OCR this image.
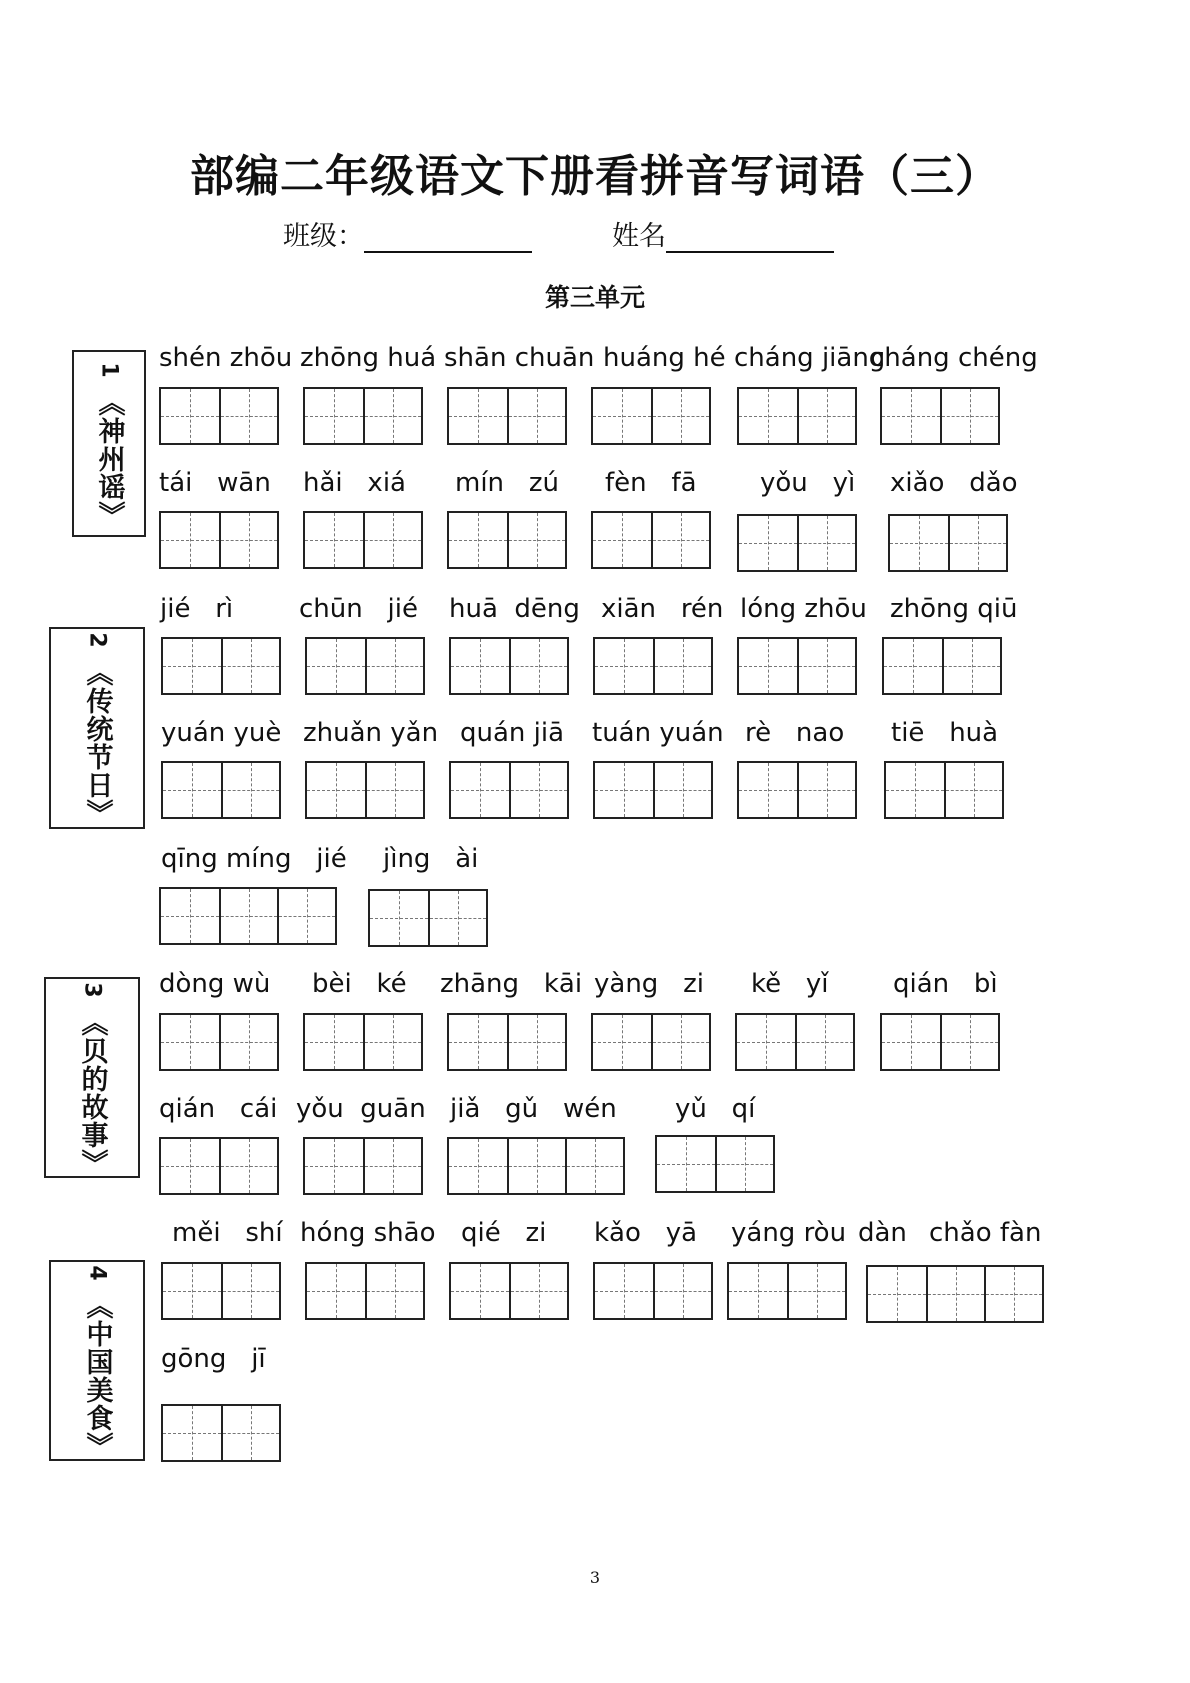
部编二年级语文下册看拼音写词语（三）
班级：	姓名
第三单元
1
《神州谣》
2
《传统节日》
3
《贝的故事》
4
《中国美食》
shén zhōu zhōng huá shān chuān huáng hé cháng jiāng
cháng chéng
tái   wān hǎi   xiá mín   zú fèn   fā yǒu   yì xiǎo   dǎo
jié   rì	chūn   jié huā  dēng xiān   rén lóng zhōu zhōng qiū
yuán yuè zhuǎn yǎn quán jiā tuán yuán rè   nao tiē   huà
qīng míng   jié jìng   ài
dòng wù bèi   ké zhāng   kāi yàng   zi kě   yǐ qián   bì
qián   cái yǒu  guān jiǎ   gǔ   wén yǔ   qí
měi   shí hóng shāo qié   zi kǎo   yā yáng ròu dàn chǎo fàn
gōng   jī
3
